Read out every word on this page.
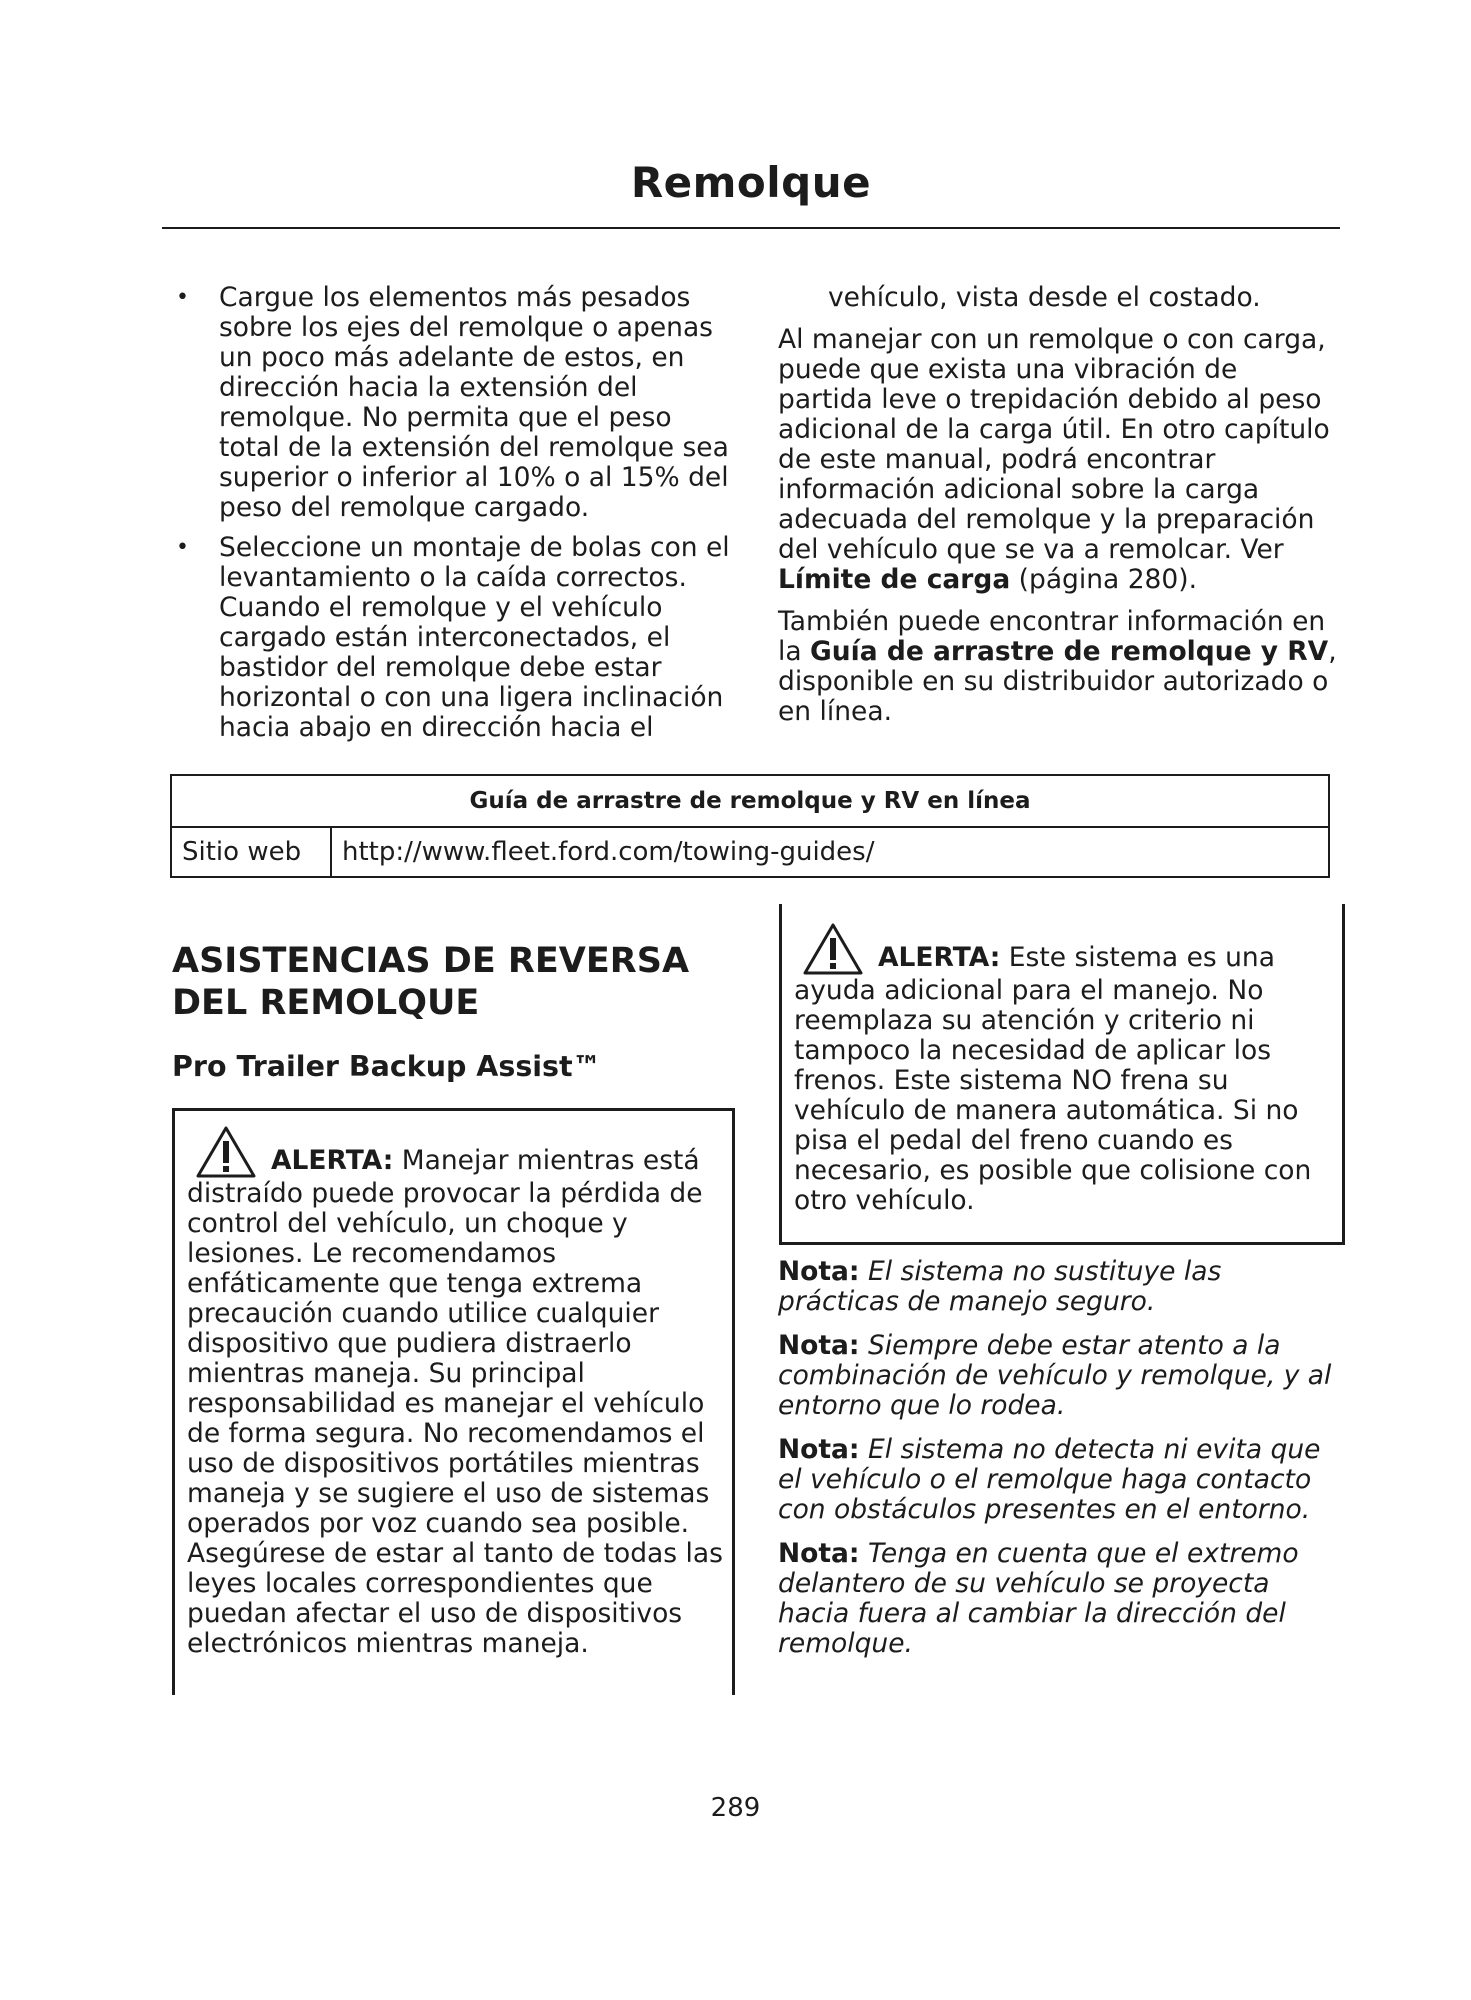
Remolque
• Cargue los elementos más pesados sobre los ejes del remolque o apenas un poco más adelante de estos, en dirección hacia la extensión del remolque. No permita que el peso total de la extensión del remolque sea superior o inferior al 10% o al 15% del peso del remolque cargado.
• Seleccione un montaje de bolas con el levantamiento o la caída correctos. Cuando el remolque y el vehículo cargado están interconectados, el bastidor del remolque debe estar horizontal o con una ligera inclinación hacia abajo en dirección hacia el

vehículo, vista desde el costado.

Al manejar con un remolque o con carga, puede que exista una vibración de partida leve o trepidación debido al peso adicional de la carga útil. En otro capítulo de este manual, podrá encontrar información adicional sobre la carga adecuada del remolque y la preparación del vehículo que se va a remolcar. Ver Límite de carga (página 280).

También puede encontrar información en la Guía de arrastre de remolque y RV, disponible en su distribuidor autorizado o en línea.

Guía de arrastre de remolque y RV en línea
Sitio web	http://www.fleet.ford.com/towing-guides/
ASISTENCIAS DE REVERSA
DEL REMOLQUE
Pro Trailer Backup Assist™
ALERTA: Manejar mientras está distraído puede provocar la pérdida de control del vehículo, un choque y lesiones. Le recomendamos enfáticamente que tenga extrema precaución cuando utilice cualquier dispositivo que pudiera distraerlo mientras maneja. Su principal responsabilidad es manejar el vehículo de forma segura. No recomendamos el uso de dispositivos portátiles mientras maneja y se sugiere el uso de sistemas operados por voz cuando sea posible. Asegúrese de estar al tanto de todas las leyes locales correspondientes que puedan afectar el uso de dispositivos electrónicos mientras maneja.
ALERTA: Este sistema es una ayuda adicional para el manejo. No reemplaza su atención y criterio ni tampoco la necesidad de aplicar los frenos. Este sistema NO frena su vehículo de manera automática. Si no pisa el pedal del freno cuando es necesario, es posible que colisione con otro vehículo.

Nota: El sistema no sustituye las prácticas de manejo seguro.

Nota: Siempre debe estar atento a la combinación de vehículo y remolque, y al entorno que lo rodea.

Nota: El sistema no detecta ni evita que el vehículo o el remolque haga contacto con obstáculos presentes en el entorno.

Nota: Tenga en cuenta que el extremo delantero de su vehículo se proyecta hacia fuera al cambiar la dirección del remolque.

289
